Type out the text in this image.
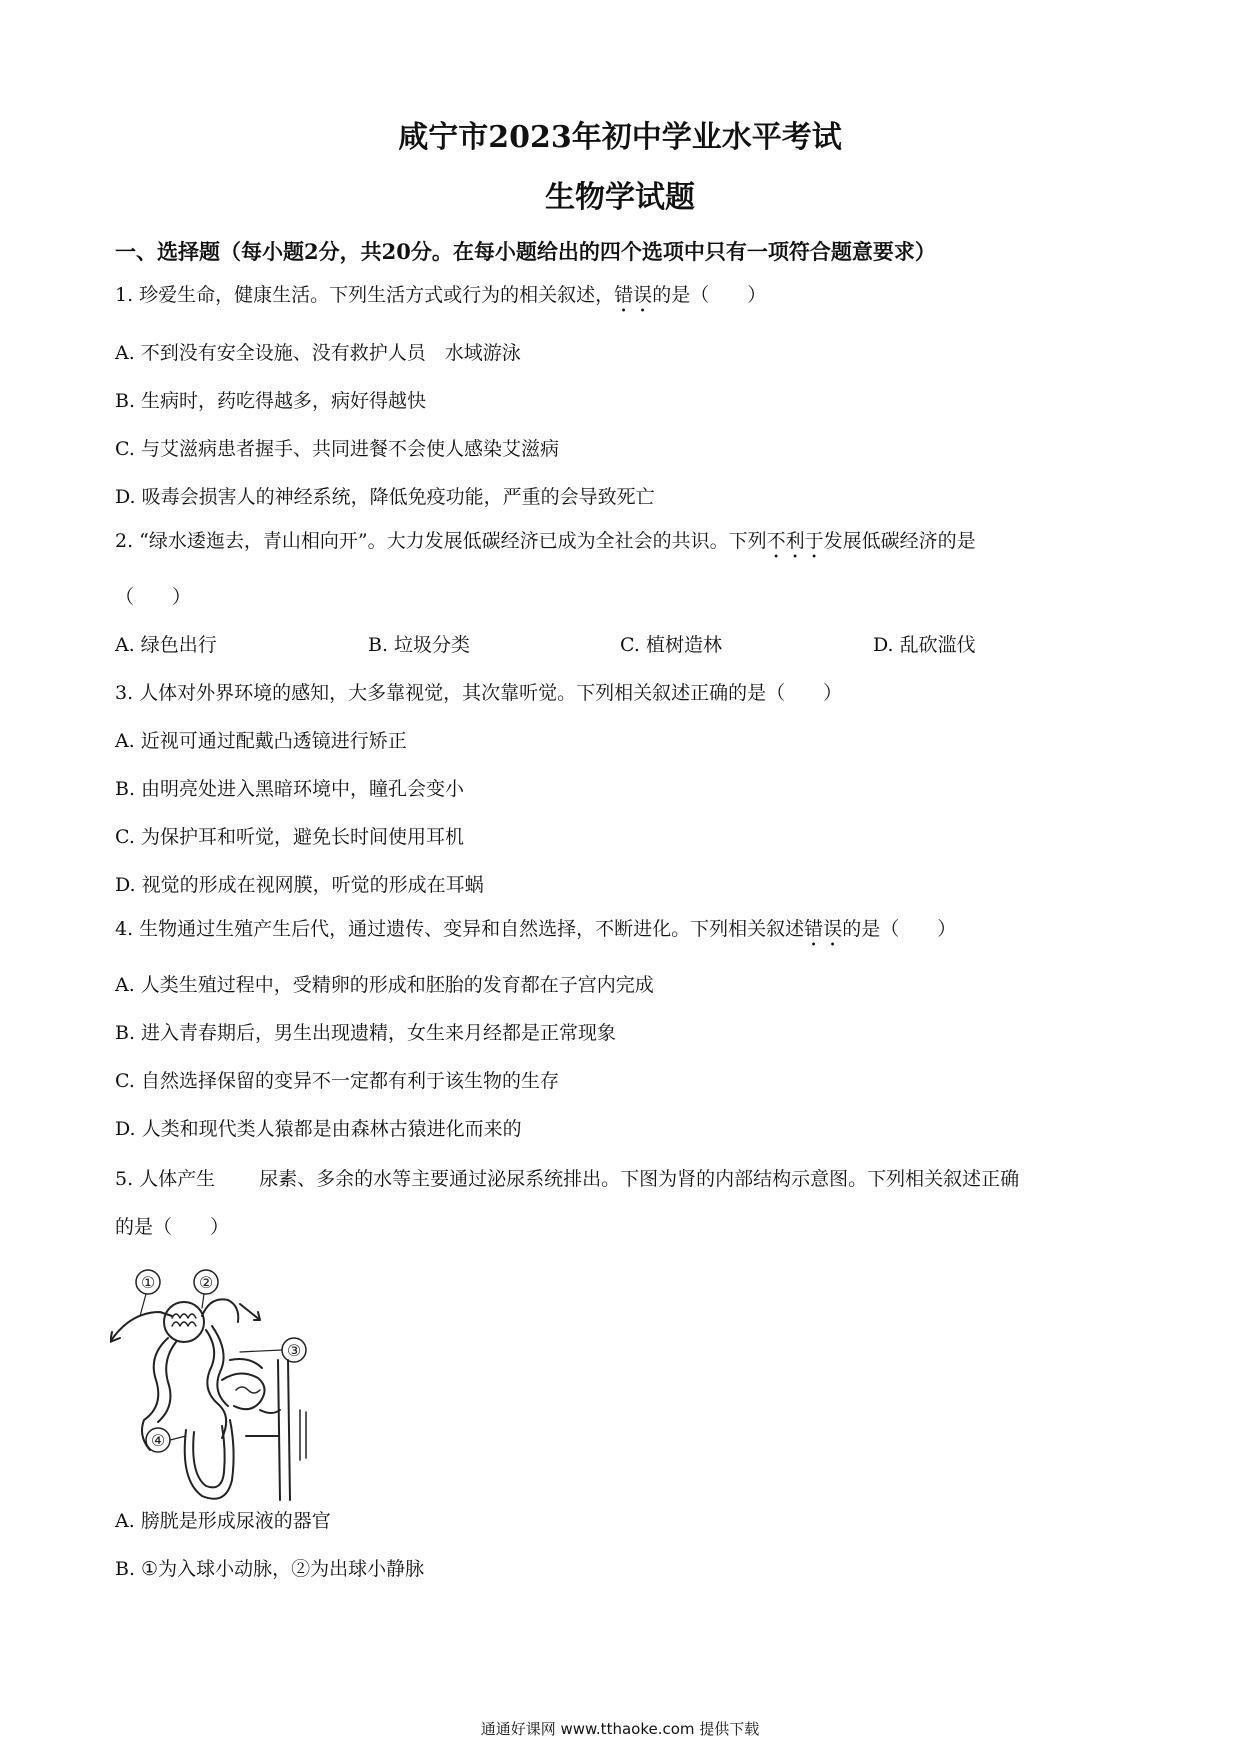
咸宁市2023年初中学业水平考试
生物学试题
一、选择题（每小题2分，共20分。在每小题给出的四个选项中只有一项符合题意要求）
1. 珍爱生命，健康生活。下列生活方式或行为的相关叙述，错误的是（　　）
A. 不到没有安全设施、没有救护人员　水域游泳
B. 生病时，药吃得越多，病好得越快
C. 与艾滋病患者握手、共同进餐不会使人感染艾滋病
D. 吸毒会损害人的神经系统，降低免疫功能，严重的会导致死亡
2. “绿水逶迤去，青山相向开”。大力发展低碳经济已成为全社会的共识。下列不利于发展低碳经济的是
（　　）
A. 绿色出行	B. 垃圾分类	C. 植树造林	D. 乱砍滥伐
3. 人体对外界环境的感知，大多靠视觉，其次靠听觉。下列相关叙述正确的是（　　）
A. 近视可通过配戴凸透镜进行矫正
B. 由明亮处进入黑暗环境中，瞳孔会变小
C. 为保护耳和听觉，避免长时间使用耳机
D. 视觉的形成在视网膜，听觉的形成在耳蜗
4. 生物通过生殖产生后代，通过遗传、变异和自然选择，不断进化。下列相关叙述错误的是（　　）
A. 人类生殖过程中，受精卵的形成和胚胎的发育都在子宫内完成
B. 进入青春期后，男生出现遗精，女生来月经都是正常现象
C. 自然选择保留的变异不一定都有利于该生物的生存
D. 人类和现代类人猿都是由森林古猿进化而来的
5. 人体产生 尿素、多余的水等主要通过泌尿系统排出。下图为肾的内部结构示意图。下列相关叙述正确
的是（　　）
①	②
③
④
A. 膀胱是形成尿液的器官
B. ①为入球小动脉，②为出球小静脉
通通好课网 www.tthaoke.com 提供下载
